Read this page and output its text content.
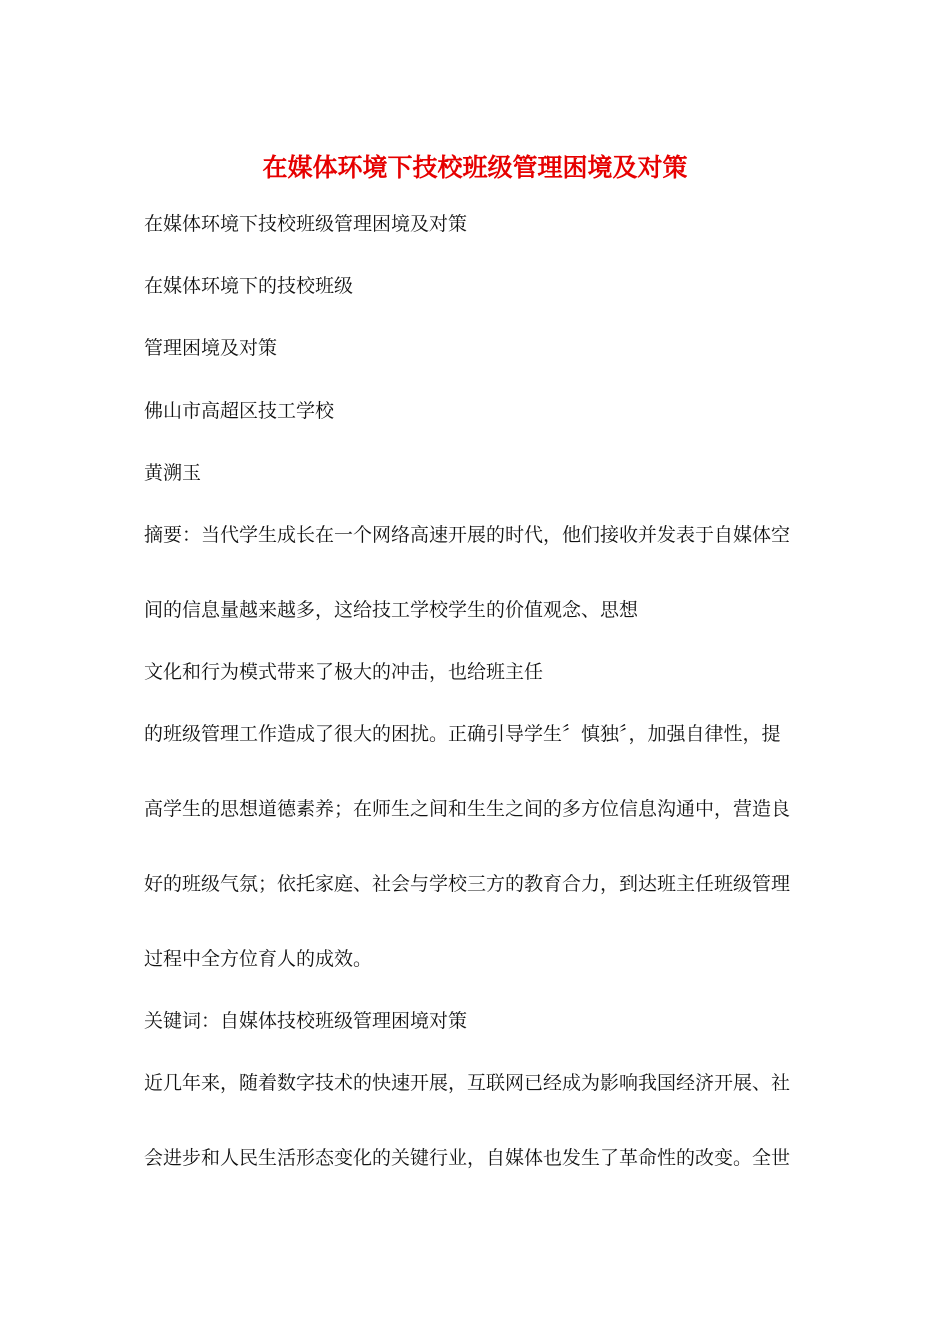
在媒体环境下技校班级管理困境及对策
在媒体环境下技校班级管理困境及对策
在媒体环境下的技校班级
管理困境及对策
佛山市高超区技工学校
黄溯玉
摘要：当代学生成长在一个网络高速开展的时代，他们接收并发表于自媒体空
间的信息量越来越多，这给技工学校学生的价值观念、思想
文化和行为模式带来了极大的冲击，也给班主任
的班级管理工作造成了很大的困扰。正确引导学生〞慎独〞，加强自律性，提
高学生的思想道德素养；在师生之间和生生之间的多方位信息沟通中，营造良
好的班级气氛；依托家庭、社会与学校三方的教育合力，到达班主任班级管理
过程中全方位育人的成效。
关键词：自媒体技校班级管理困境对策
近几年来，随着数字技术的快速开展，互联网已经成为影响我国经济开展、社
会进步和人民生活形态变化的关键行业，自媒体也发生了革命性的改变。全世
